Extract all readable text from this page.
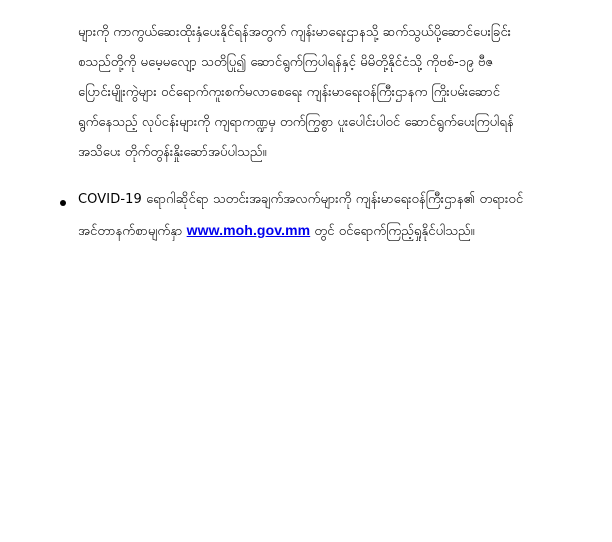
များကို ကာကွယ်ဆေးထိုးနှံပေးနိုင်ရန်အတွက် ကျန်းမာရေးဌာနသို့ ဆက်သွယ်ပို့ဆောင်ပေးခြင်း
စသည်တို့ကို မမေ့မလျော့ သတိပြု၍ ဆောင်ရွက်ကြပါရန်နှင့် မိမိတို့နိုင်ငံသို့ ကိုဗစ်-၁၉ ဗီဇ
ပြောင်းမျိုးကွဲများ ဝင်ရောက်ကူးစက်မလာစေရေး ကျန်းမာရေးဝန်ကြီးဌာနက ကြိုးပမ်းဆောင်
ရွက်နေသည့် လုပ်ငန်းများကို ကျရာကဏ္ဍမှ တက်ကြွစွာ ပူးပေါင်းပါဝင် ဆောင်ရွက်ပေးကြပါရန်
အသိပေး တိုက်တွန်းနှိုးဆော်အပ်ပါသည်။
COVID-19 ရောဂါဆိုင်ရာ သတင်းအချက်အလက်များကို ကျန်းမာရေးဝန်ကြီးဌာန၏ တရားဝင်
အင်တာနက်စာမျက်နှာ www.moh.gov.mm တွင် ဝင်ရောက်ကြည့်ရှုနိုင်ပါသည်။
